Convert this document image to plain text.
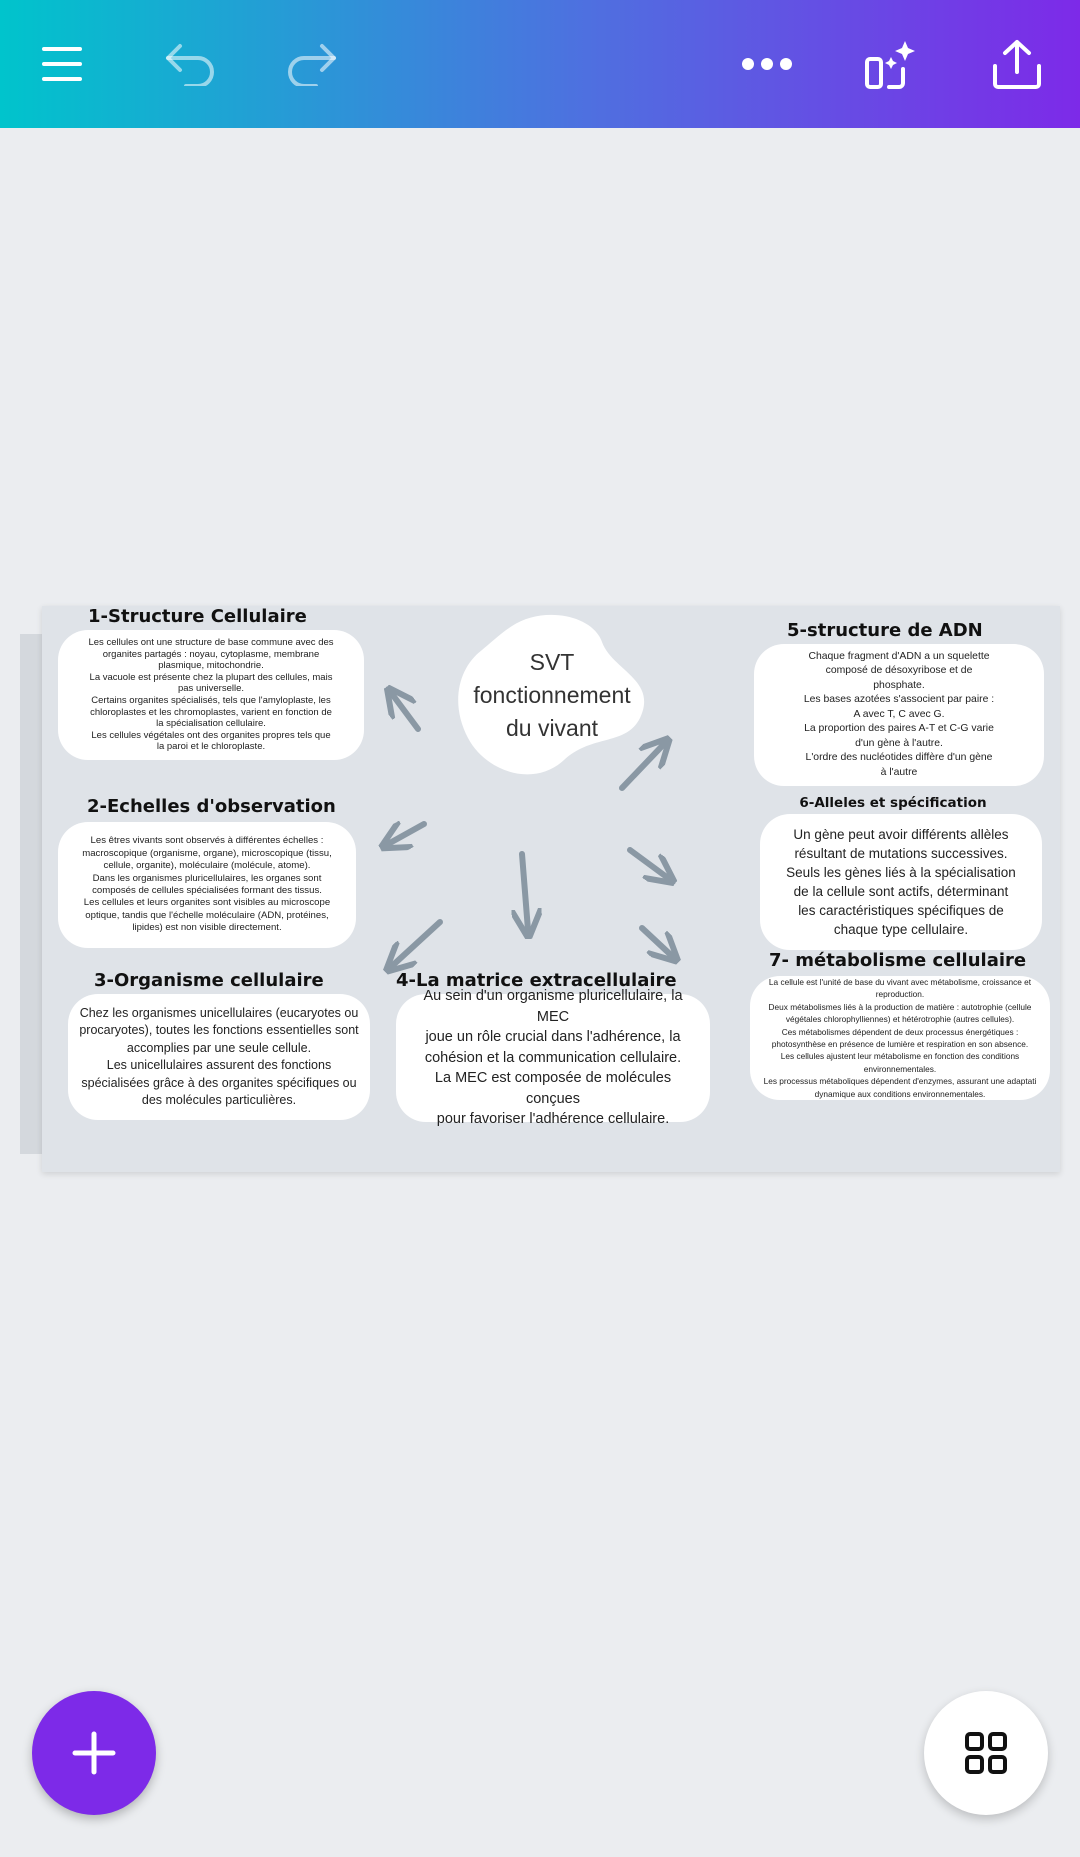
SVT
fonctionnement
du vivant
1-Structure Cellulaire

Les cellules ont une structure de base commune avec des

organites partagés : noyau, cytoplasme, membrane

plasmique, mitochondrie.

La vacuole est présente chez la plupart des cellules, mais

pas universelle.

Certains organites spécialisés, tels que l'amyloplaste, les

chloroplastes et les chromoplastes, varient en fonction de

la spécialisation cellulaire.

Les cellules végétales ont des organites propres tels que

la paroi et le chloroplaste.

2-Echelles d'observation

Les êtres vivants sont observés à différentes échelles :

macroscopique (organisme, organe), microscopique (tissu,

cellule, organite), moléculaire (molécule, atome).

Dans les organismes pluricellulaires, les organes sont

composés de cellules spécialisées formant des tissus.

Les cellules et leurs organites sont visibles au microscope

optique, tandis que l'échelle moléculaire (ADN, protéines,

lipides) est non visible directement.

3-Organisme cellulaire

Chez les organismes unicellulaires (eucaryotes ou

procaryotes), toutes les fonctions essentielles sont

accomplies par une seule cellule.

Les unicellulaires assurent des fonctions

spécialisées grâce à des organites spécifiques ou

des molécules particulières.

4-La matrice extracellulaire

Au sein d'un organisme pluricellulaire, la MEC

joue un rôle crucial dans l'adhérence, la

cohésion et la communication cellulaire.

La MEC est composée de molécules conçues

pour favoriser l'adhérence cellulaire.

5-structure de ADN

Chaque fragment d'ADN a un squelette

composé de désoxyribose et de

phosphate.

Les bases azotées s'associent par paire :

A avec T, C avec G.

La proportion des paires A-T et C-G varie

d'un gène à l'autre.

L'ordre des nucléotides diffère d'un gène

à l'autre

6-Alleles et spécification

Un gène peut avoir différents allèles

résultant de mutations successives.

Seuls les gènes liés à la spécialisation

de la cellule sont actifs, déterminant

les caractéristiques spécifiques de

chaque type cellulaire.

7- métabolisme cellulaire

La cellule est l'unité de base du vivant avec métabolisme, croissance et

reproduction.

Deux métabolismes liés à la production de matière : autotrophie (cellule

végétales chlorophylliennes) et hétérotrophie (autres cellules).

Ces métabolismes dépendent de deux processus énergétiques :

photosynthèse en présence de lumière et respiration en son absence.

Les cellules ajustent leur métabolisme en fonction des conditions

environnementales.

Les processus métaboliques dépendent d'enzymes, assurant une adaptati

dynamique aux conditions environnementales.
